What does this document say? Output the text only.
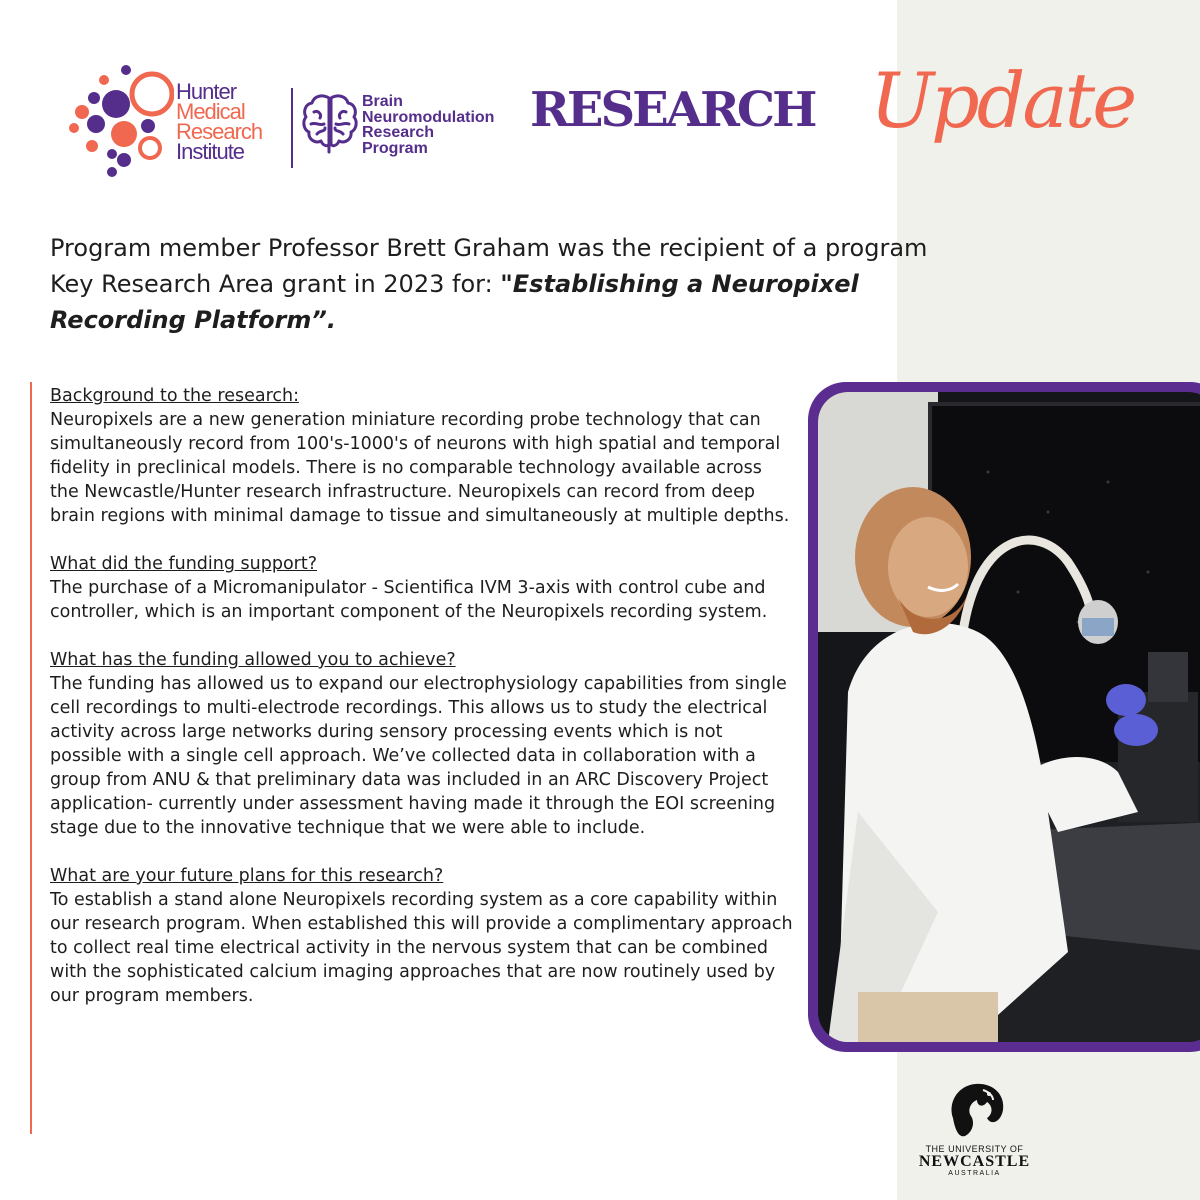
Hunter
Medical
Research
Institute
Brain
Neuromodulation
Research
Program
RESEARCH Update
Program member Professor Brett Graham was the recipient of a program Key Research Area grant in 2023 for: "Establishing a Neuropixel Recording Platform”.
Background to the research:

Neuropixels are a new generation miniature recording probe technology that can simultaneously record from 100's-1000's of neurons with high spatial and temporal fidelity in preclinical models. There is no comparable technology available across the Newcastle/Hunter research infrastructure. Neuropixels can record from deep brain regions with minimal damage to tissue and simultaneously at multiple depths.

What did the funding support?

The purchase of a Micromanipulator - Scientifica IVM 3-axis with control cube and controller, which is an important component of the Neuropixels recording system.

What has the funding allowed you to achieve?

The funding has allowed us to expand our electrophysiology capabilities from single cell recordings to multi-electrode recordings. This allows us to study the electrical activity across large networks during sensory processing events which is not possible with a single cell approach. We’ve collected data in collaboration with a group from ANU & that preliminary data was included in an ARC Discovery Project application- currently under assessment having made it through the EOI screening stage due to the innovative technique that we were able to include.

What are your future plans for this research?

To establish a stand alone Neuropixels recording system as a core capability within our research program. When established this will provide a complimentary approach to collect real time electrical activity in the nervous system that can be combined with the sophisticated calcium imaging approaches that are now routinely used by our program members.

THE UNIVERSITY OF
NEWCASTLE
AUSTRALIA
